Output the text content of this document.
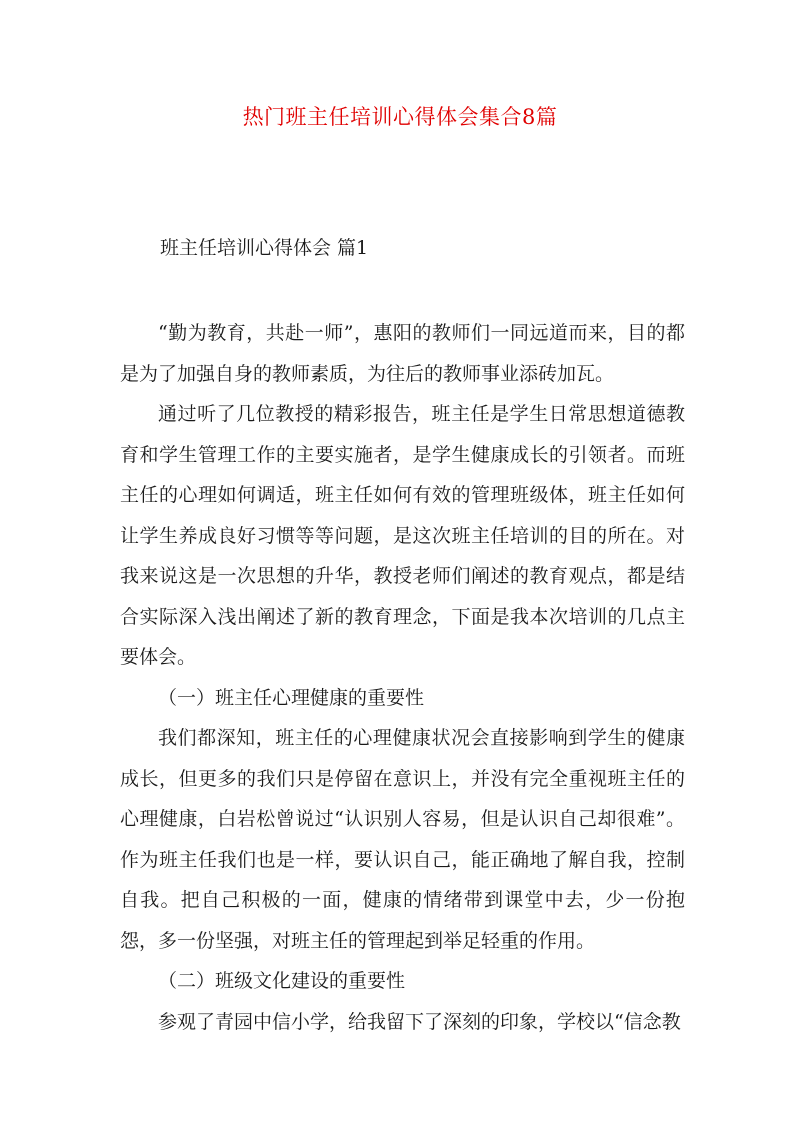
热门班主任培训心得体会集合8篇
班主任培训心得体会 篇1

“勤为教育，共赴一师”，惠阳的教师们一同远道而来，目的都是为了加强自身的教师素质，为往后的教师事业添砖加瓦。

通过听了几位教授的精彩报告，班主任是学生日常思想道德教育和学生管理工作的主要实施者，是学生健康成长的引领者。而班主任的心理如何调适，班主任如何有效的管理班级体，班主任如何让学生养成良好习惯等等问题，是这次班主任培训的目的所在。对我来说这是一次思想的升华，教授老师们阐述的教育观点，都是结合实际深入浅出阐述了新的教育理念，下面是我本次培训的几点主要体会。

（一）班主任心理健康的重要性

我们都深知，班主任的心理健康状况会直接影响到学生的健康成长，但更多的我们只是停留在意识上，并没有完全重视班主任的心理健康，白岩松曾说过“认识别人容易，但是认识自己却很难”。作为班主任我们也是一样，要认识自己，能正确地了解自我，控制自我。把自己积极的一面，健康的情绪带到课堂中去，少一份抱怨，多一份坚强，对班主任的管理起到举足轻重的作用。

（二）班级文化建设的重要性

参观了青园中信小学，给我留下了深刻的印象，学校以“信念教
